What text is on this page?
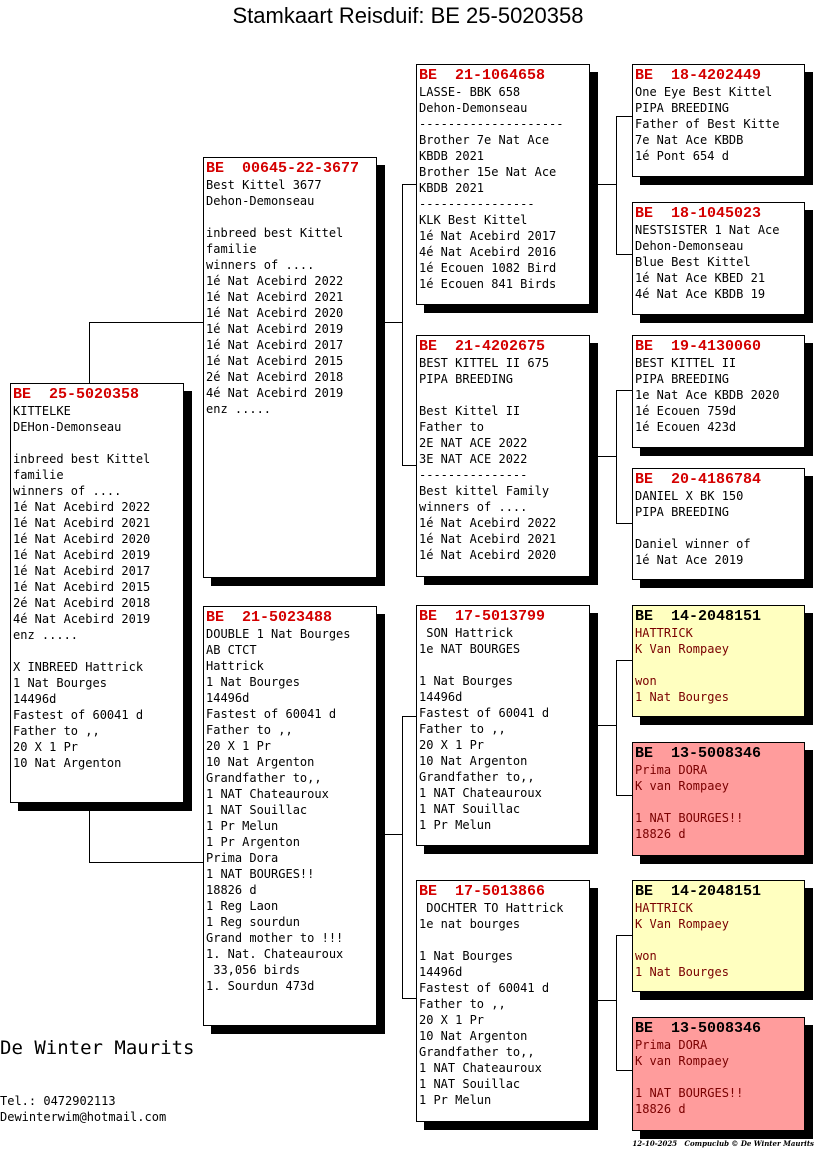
Stamkaart Reisduif: BE 25-5020358
BE  25-5020358
KITTELKE
DEHon-Demonseau
inbreed best Kittel
familie
winners of ....
1é Nat Acebird 2022
1é Nat Acebird 2021
1é Nat Acebird 2020
1é Nat Acebird 2019
1é Nat Acebird 2017
1é Nat Acebird 2015
2é Nat Acebird 2018
4é Nat Acebird 2019
enz .....
X INBREED Hattrick
1 Nat Bourges
14496d
Fastest of 60041 d
Father to ,,
20 X 1 Pr
10 Nat Argenton
BE  00645-22-3677
Best Kittel 3677
Dehon-Demonseau
inbreed best Kittel
familie
winners of ....
1é Nat Acebird 2022
1é Nat Acebird 2021
1é Nat Acebird 2020
1é Nat Acebird 2019
1é Nat Acebird 2017
1é Nat Acebird 2015
2é Nat Acebird 2018
4é Nat Acebird 2019
enz .....
BE  21-5023488
DOUBLE 1 Nat Bourges
AB CTCT
Hattrick
1 Nat Bourges
14496d
Fastest of 60041 d
Father to ,,
20 X 1 Pr
10 Nat Argenton
Grandfather to,,
1 NAT Chateauroux
1 NAT Souillac
1 Pr Melun
1 Pr Argenton
Prima Dora
1 NAT BOURGES!!
18826 d
1 Reg Laon
1 Reg sourdun
Grand mother to !!!
1. Nat. Chateauroux
33,056 birds
1. Sourdun 473d
BE  21-1064658
LASSE- BBK 658
Dehon-Demonseau
--------------------
Brother 7e Nat Ace
KBDB 2021
Brother 15e Nat Ace
KBDB 2021
----------------
KLK Best Kittel
1é Nat Acebird 2017
4é Nat Acebird 2016
1é Ecouen 1082 Bird
1é Ecouen 841 Birds
BE  21-4202675
BEST KITTEL II 675
PIPA BREEDING
Best Kittel II
Father to
2E NAT ACE 2022
3E NAT ACE 2022
---------------
Best kittel Family
winners of ....
1é Nat Acebird 2022
1é Nat Acebird 2021
1é Nat Acebird 2020
BE  17-5013799
SON Hattrick
1e NAT BOURGES
1 Nat Bourges
14496d
Fastest of 60041 d
Father to ,,
20 X 1 Pr
10 Nat Argenton
Grandfather to,,
1 NAT Chateauroux
1 NAT Souillac
1 Pr Melun
BE  17-5013866
DOCHTER TO Hattrick
1e nat bourges
1 Nat Bourges
14496d
Fastest of 60041 d
Father to ,,
20 X 1 Pr
10 Nat Argenton
Grandfather to,,
1 NAT Chateauroux
1 NAT Souillac
1 Pr Melun
BE  18-4202449
One Eye Best Kittel
PIPA BREEDING
Father of Best Kitte
7e Nat Ace KBDB
1é Pont 654 d
BE  18-1045023
NESTSISTER 1 Nat Ace
Dehon-Demonseau
Blue Best Kittel
1é Nat Ace KBED 21
4é Nat Ace KBDB 19
BE  19-4130060
BEST KITTEL II
PIPA BREEDING
1e Nat Ace KBDB 2020
1é Ecouen 759d
1é Ecouen 423d
BE  20-4186784
DANIEL X BK 150
PIPA BREEDING
Daniel winner of
1é Nat Ace 2019
BE  14-2048151
HATTRICK
K Van Rompaey
won
1 Nat Bourges
BE  13-5008346
Prima DORA
K van Rompaey
1 NAT BOURGES!!
18826 d
BE  14-2048151
HATTRICK
K Van Rompaey
won
1 Nat Bourges
BE  13-5008346
Prima DORA
K van Rompaey
1 NAT BOURGES!!
18826 d
De Winter Maurits
Tel.: 0472902113
Dewinterwim@hotmail.com
12-10-2025   Compuclub © De Winter Maurits
